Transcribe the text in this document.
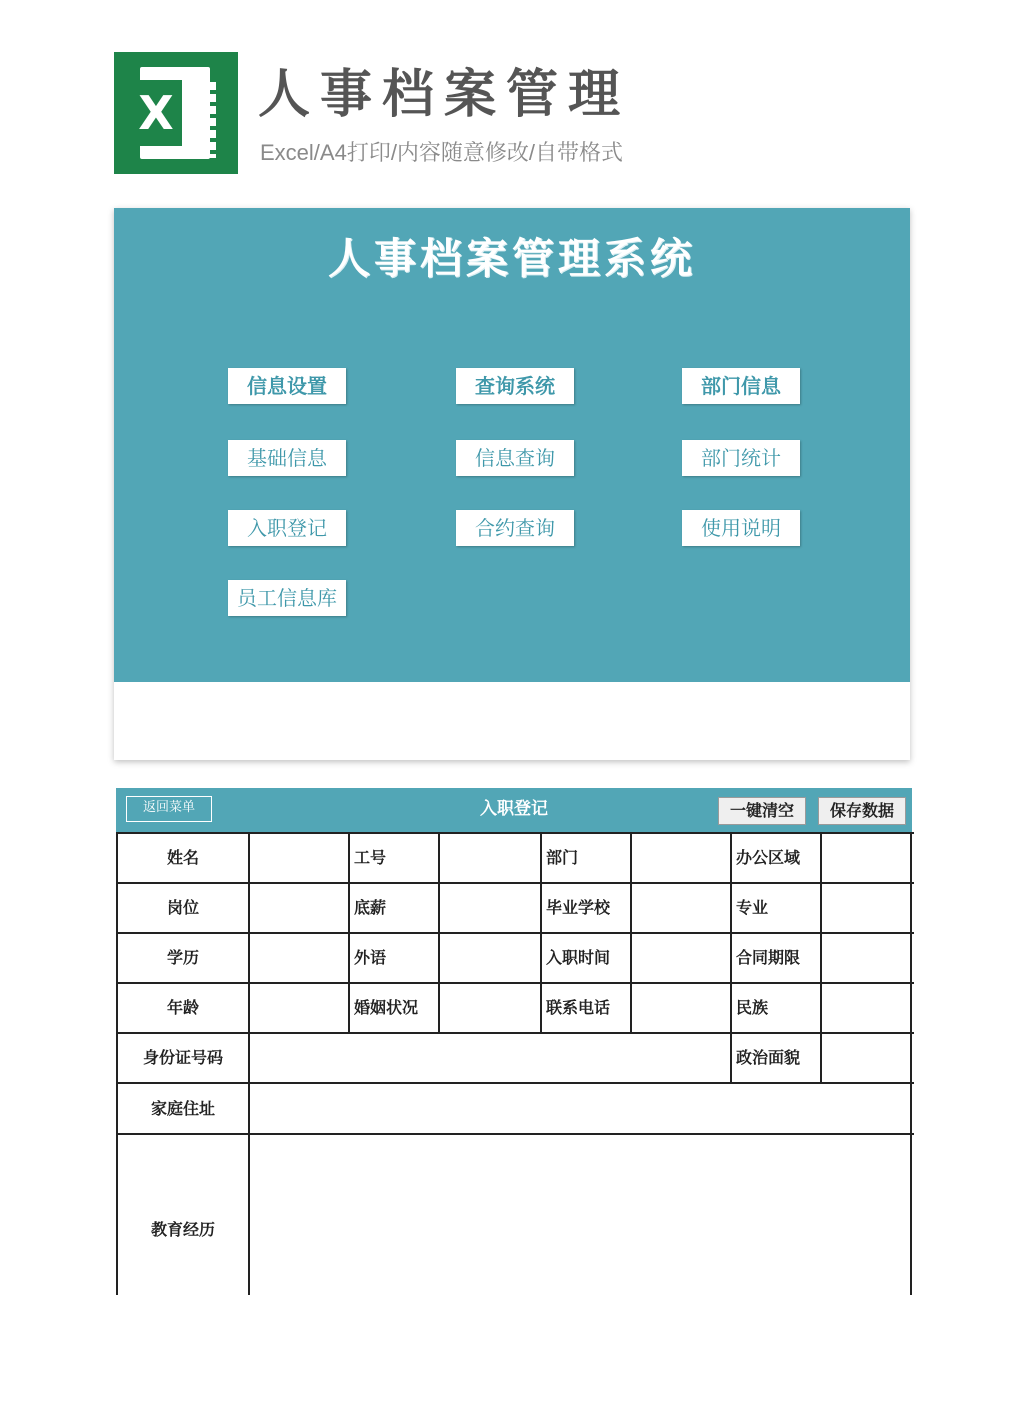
X 人事档案管理
Excel/A4打印/内容随意修改/自带格式
人事档案管理系统
信息设置	查询系统	部门信息
基础信息	信息查询	部门统计
入职登记	合约查询	使用说明
员工信息库
入职登记
返回菜单	一键清空	保存数据
姓名	工号	部门	办公区域
岗位	底薪	毕业学校	专业
学历	外语	入职时间	合同期限
年龄	婚姻状况	联系电话	民族
身份证号码	政治面貌
家庭住址
教育经历
